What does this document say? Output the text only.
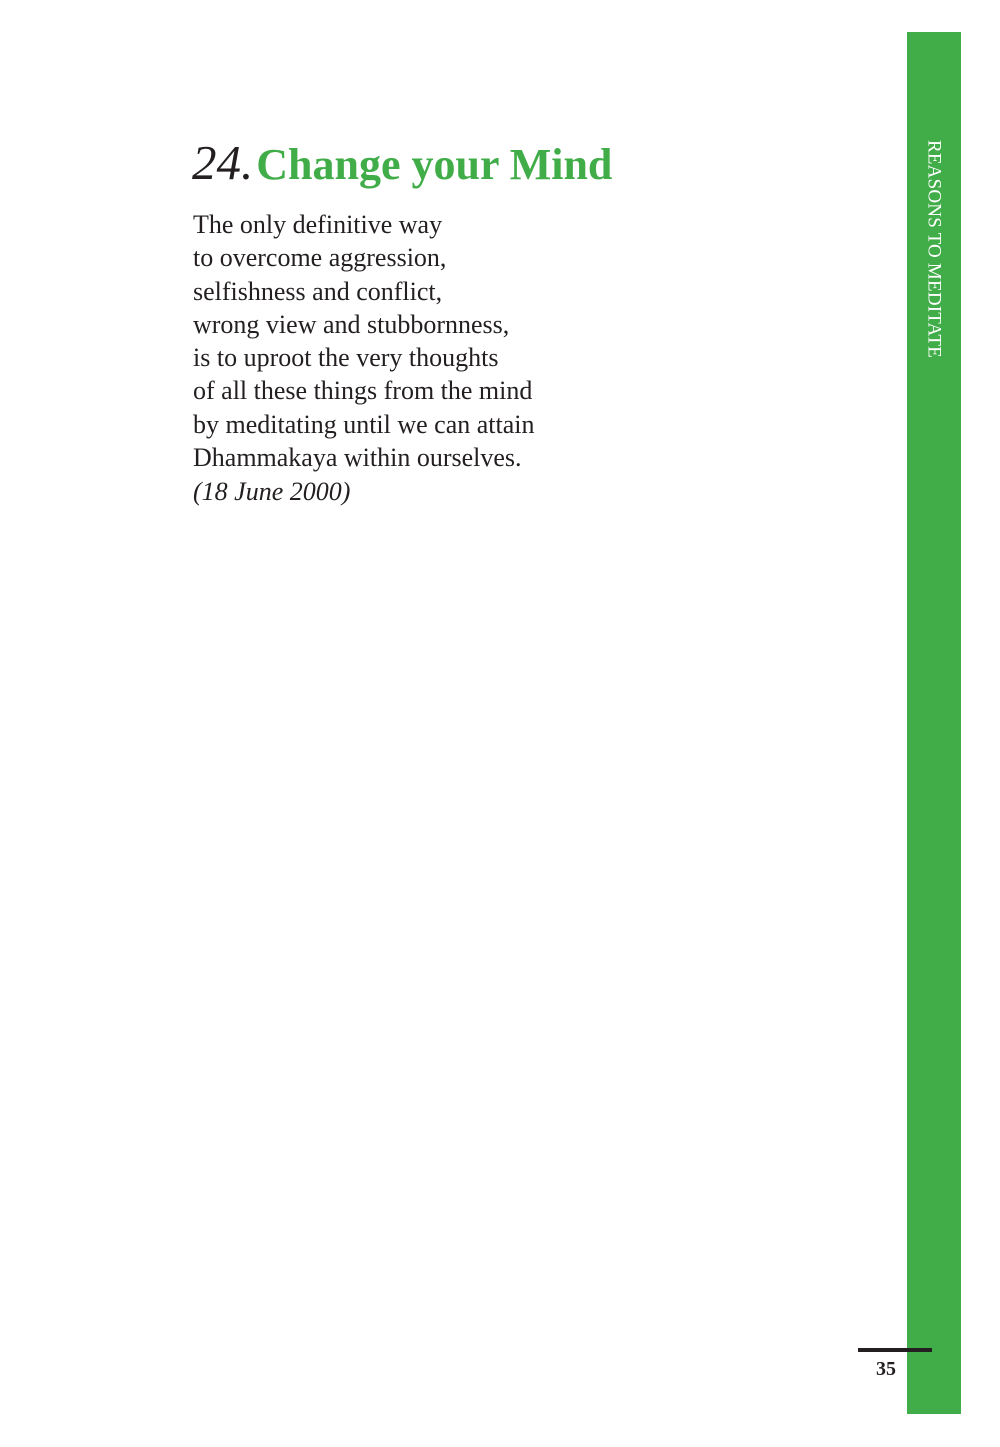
REASONS TO MEDITATE
24.Change your Mind
The only definitive way
to overcome aggression,
selfishness and conflict,
wrong view and stubbornness,
is to uproot the very thoughts
of all these things from the mind
by meditating until we can attain
Dhammakaya within ourselves.
(18 June 2000)
35
